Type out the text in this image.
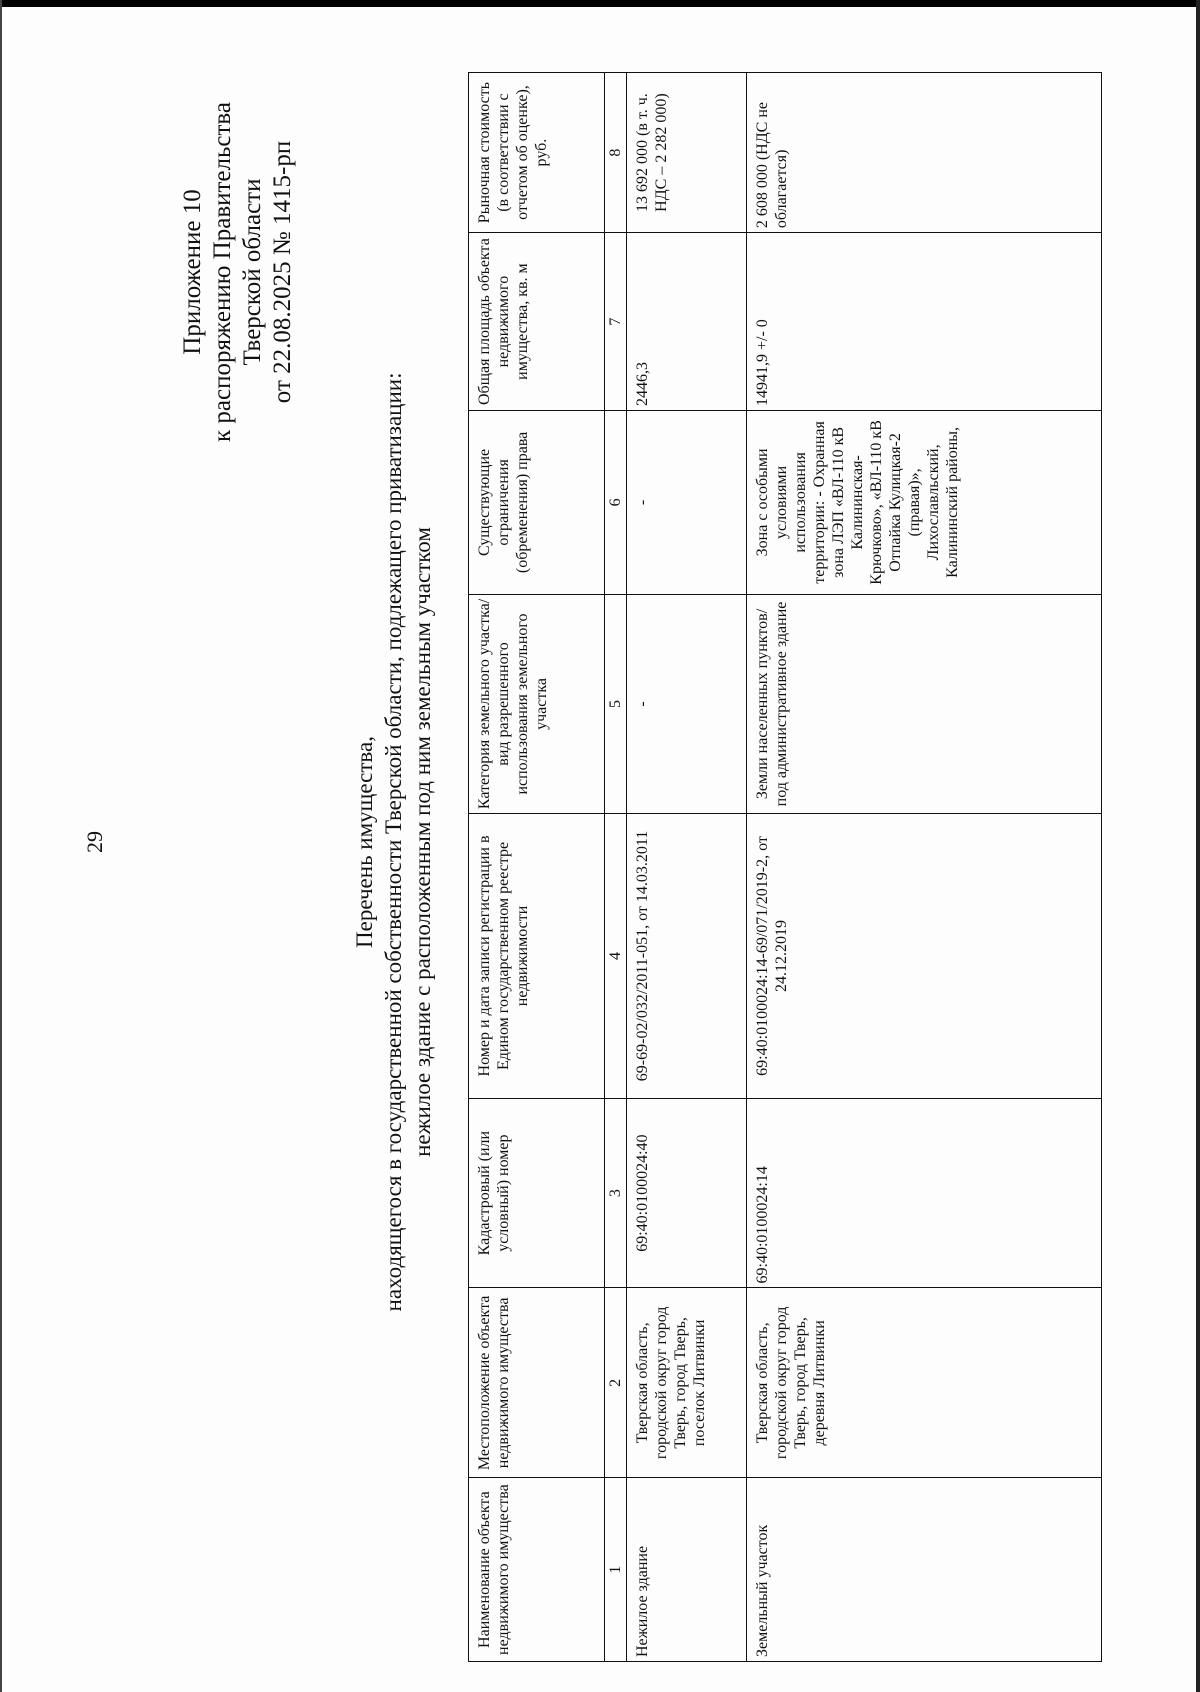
29
Приложение 10 к распоряжению Правительства Тверской области от 22.08.2025 № 1415-рп
Перечень имущества, находящегося в государственной собственности Тверской области, подлежащего приватизации: нежилое здание с расположенным под ним земельным участком
Наименование объекта недвижимого имущества	Местоположение объекта недвижимого имущества	Кадастровый (или условный) номер	Номер и дата записи регистрации в Едином государственном реестре недвижимости	Категория земельного участка/вид разрешенного использования земельного участка	Существующие ограничения (обременения) права	Общая площадь объекта недвижимого имущества, кв. м	Рыночная стоимость (в соответствии с отчетом об оценке), руб.
1	2	3	4	5	6	7	8
Нежилое здание	Тверская область, городской округ город Тверь, город Тверь, поселок Литвинки	69:40:0100024:40	69-69-02/032/2011-051, от 14.03.2011	-	-	2446,3	13 692 000 (в т. ч. НДС – 2 282 000)
Земельный участок	Тверская область, городской округ город Тверь, город Тверь, деревня Литвинки	69:40:0100024:14	69:40:0100024:14-69/071/2019-2, от 24.12.2019	Земли населенных пунктов/под административное здание	Зона с особыми условиями использования территории: - Охранная зона ЛЭП «ВЛ-110 кВ Калининская-Крючково», «ВЛ-110 кВ Отпайка Кулицкая-2 (правая)», Лихославльский, Калининский районы,	14941,9 +/- 0	2 608 000 (НДС не облагается)
